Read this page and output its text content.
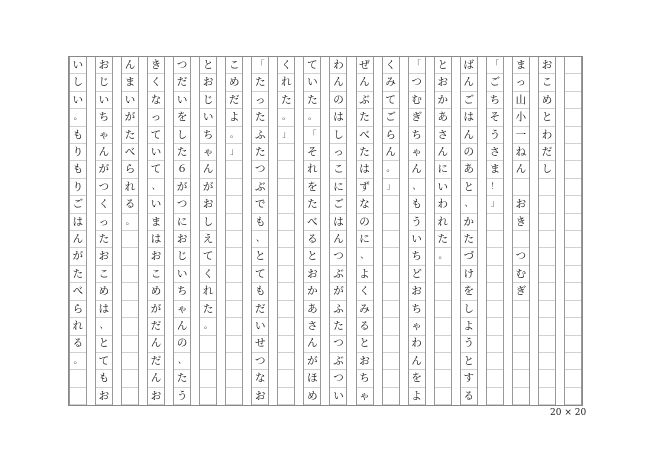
お
こ
め
と
わ
だ
し
ま
っ
山
小
一
ね
ん
お
き
つ
む
ぎ
「
ご
ち
そ
う
さ
ま
！
」
ば
ん
ご
は
ん
の
あ
と
、
か
た
づ
け
を
し
よ
う
と
す
る
と
お
か
あ
さ
ん
に
い
わ
れ
た
。
「
つ
む
ぎ
ち
ゃ
ん
、
も
う
い
ち
ど
お
ち
ゃ
わ
ん
を
よ
く
み
て
ご
ら
ん
。
」
ぜ
ん
ぶ
た
べ
た
は
ず
な
の
に
、
よ
く
み
る
と
お
ち
ゃ
わ
ん
の
は
し
っ
こ
に
ご
は
ん
つ
ぶ
が
ふ
た
つ
ぶ
つ
い
て
い
た
。
「
そ
れ
を
た
べ
る
と
お
か
あ
さ
ん
が
ほ
め
く
れ
た
。
」
「
た
っ
た
ふ
た
つ
ぶ
で
も
、
と
て
も
だ
い
せ
つ
な
お
こ
め
だ
よ
。
」
と
お
じ
い
ち
ゃ
ん
が
お
し
え
て
く
れ
た
。
つ
だ
い
を
し
た
６
が
つ
に
お
じ
い
ち
ゃ
ん
の
、
た
う
き
く
な
っ
て
い
て
、
い
ま
は
お
こ
め
が
だ
ん
だ
ん
お
ん
ま
い
が
た
べ
ら
れ
る
。
お
じ
い
ち
ゃ
ん
が
つ
く
っ
た
お
こ
め
は
、
と
て
も
お
い
し
い
。
も
り
も
り
ご
は
ん
が
た
べ
ら
れ
る
。
20 × 20
